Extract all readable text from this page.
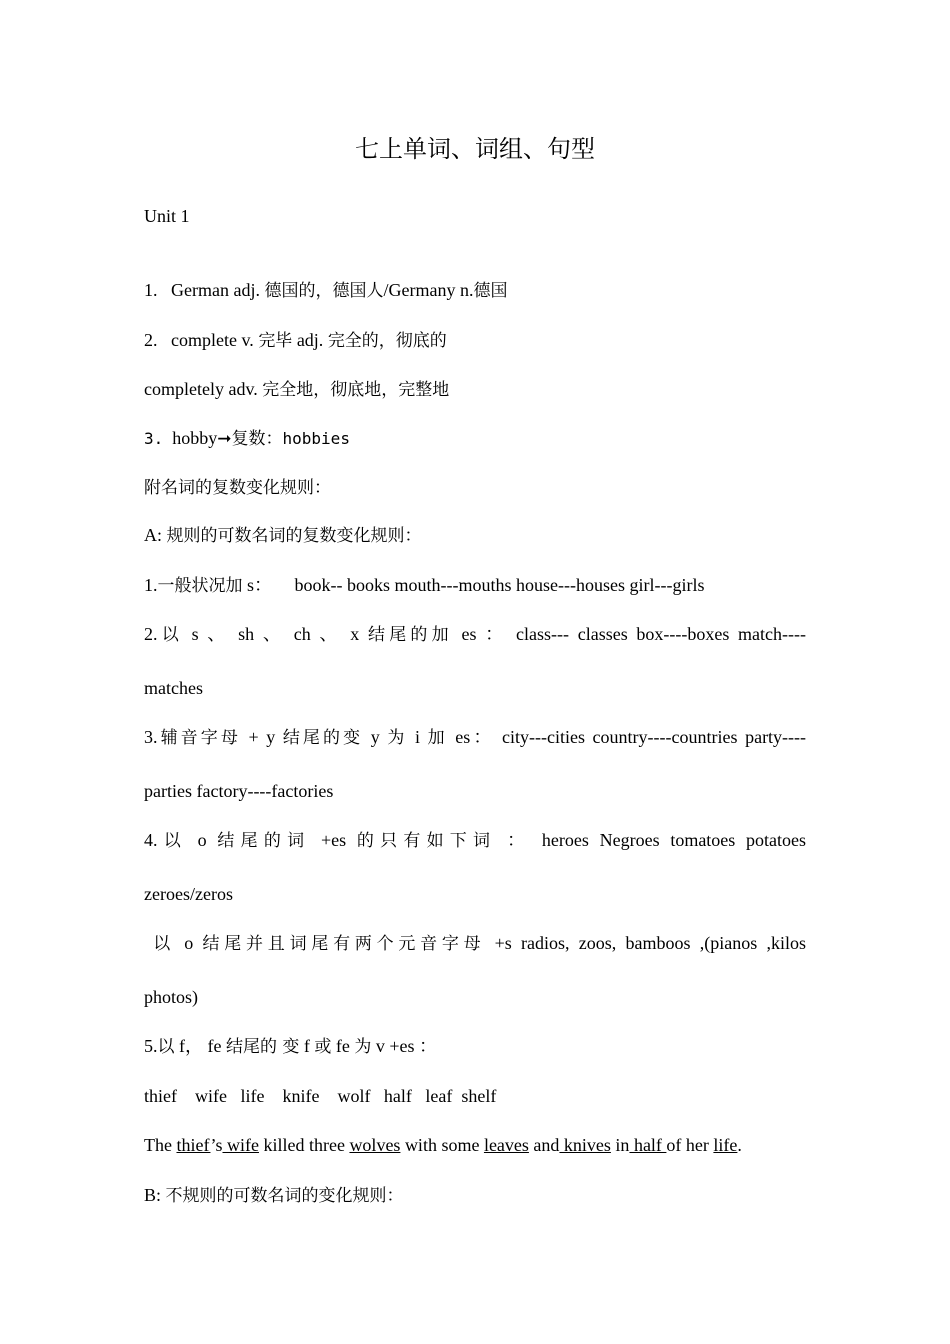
七上单词、词组、句型

Unit 1

1. German adj. 德国的，德国人/Germany n.德国

2. complete v. 完毕 adj. 完全的，彻底的

completely adv. 完全地，彻底地，完整地

3. hobby➞复数：hobbies

附名词的复数变化规则：

A: 规则的可数名词的复数变化规则：

1.一般状况加 s：     book-- books mouth---mouths house---houses girl---girls

2.以 s 、 sh 、 ch 、 x 结尾的加 es ： class--- classes box----boxes match----

matches

3.辅音字母 + y 结尾的变 y 为 i 加 es： city---cities country----countries party----

parties factory----factories

4.以 o 结尾的词 +es 的只有如下词 ： heroes Negroes tomatoes potatoes

zeroes/zeros

以 o 结尾并且词尾有两个元音字母 +s radios, zoos, bamboos ,(pianos ,kilos

photos)

5.以 f， fe 结尾的 变 f 或 fe 为 v +es ：

thief    wife   life    knife    wolf   half   leaf  shelf

The thief’s wife killed three wolves with some leaves and knives in half of her life.

B: 不规则的可数名词的变化规则：
